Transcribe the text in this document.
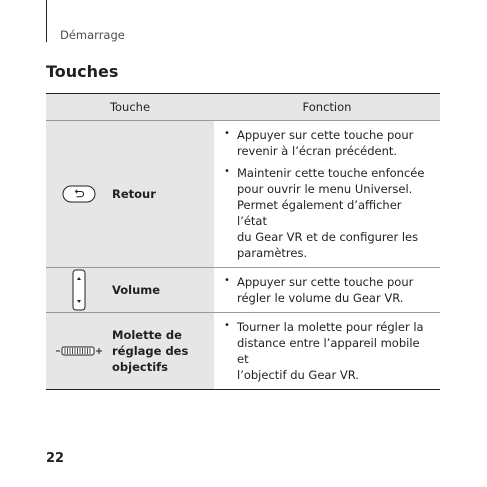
Démarrage
Touches
Touche	Fonction
Retour
• Appuyer sur cette touche pour
revenir à l’écran précédent.
• Maintenir cette touche enfoncée
pour ouvrir le menu Universel.
Permet également d’afficher l’état
du Gear VR et de configurer les
paramètres.
Volume
• Appuyer sur cette touche pour
régler le volume du Gear VR.
Molette de
réglage des
objectifs
• Tourner la molette pour régler la
distance entre l’appareil mobile et
l’objectif du Gear VR.
22
